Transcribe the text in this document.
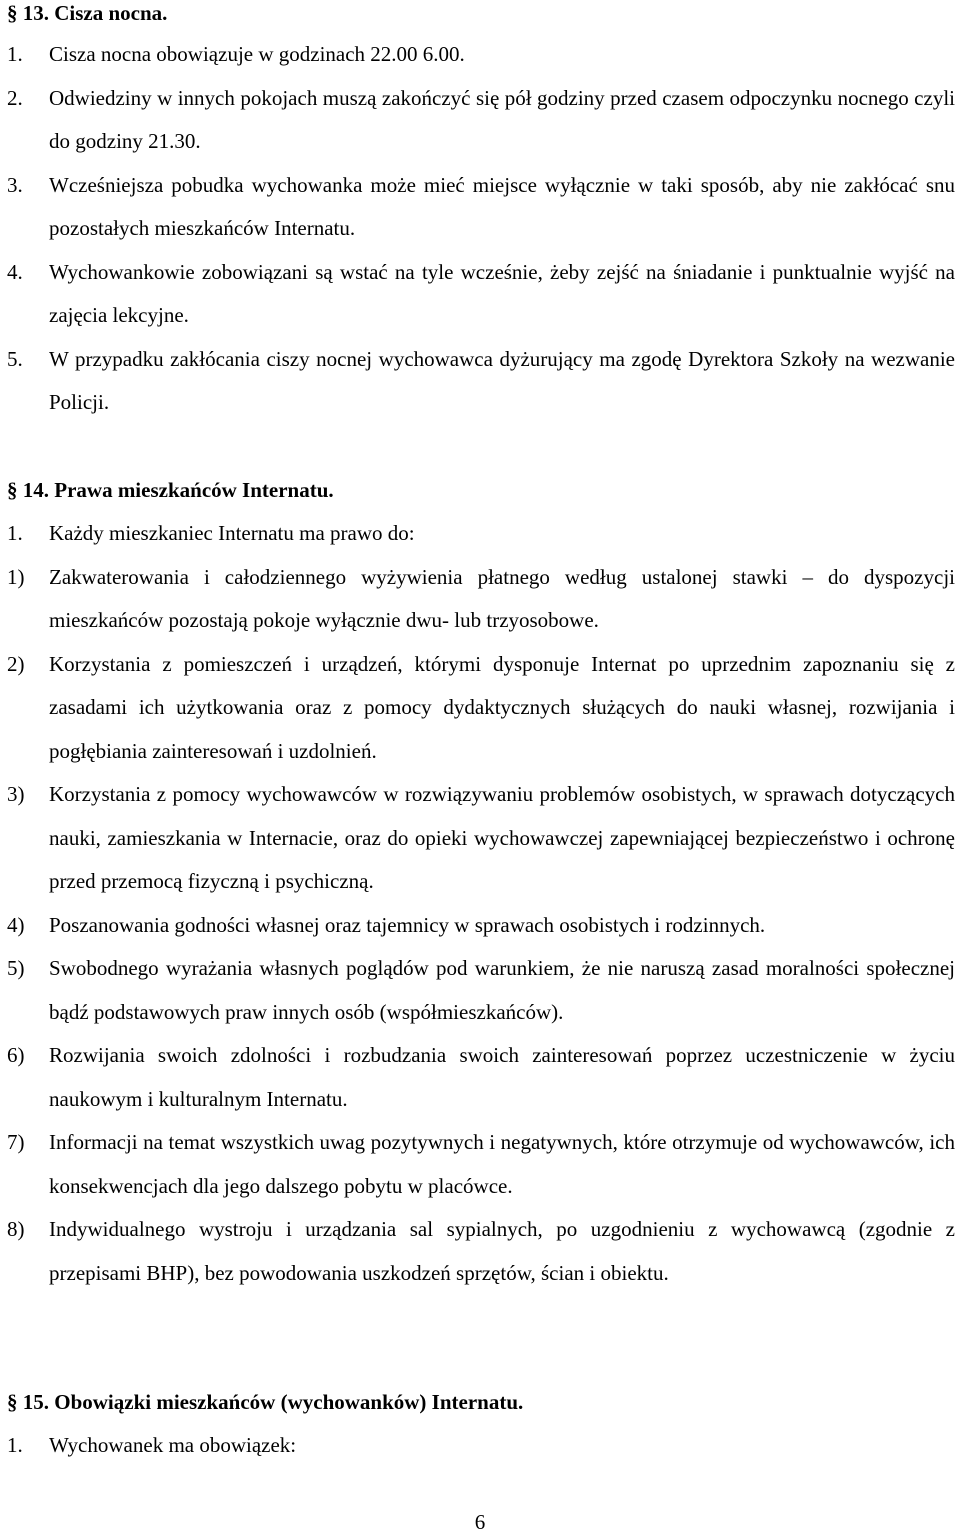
§ 13. Cisza nocna.
1.	Cisza nocna obowiązuje w godzinach 22.00 6.00.
2.	Odwiedziny w innych pokojach muszą zakończyć się pół godziny przed czasem odpoczynku nocnego czyli do godziny 21.30.
3.	Wcześniejsza pobudka wychowanka może mieć miejsce wyłącznie w taki sposób, aby nie zakłócać snu pozostałych mieszkańców Internatu.
4.	Wychowankowie zobowiązani są wstać na tyle wcześnie, żeby zejść na śniadanie i punktualnie wyjść na zajęcia lekcyjne.
5.	W przypadku zakłócania ciszy nocnej wychowawca dyżurujący ma zgodę Dyrektora Szkoły na wezwanie Policji.
§ 14. Prawa mieszkańców Internatu.
1.	Każdy mieszkaniec Internatu ma prawo do:
1)	Zakwaterowania i całodziennego wyżywienia płatnego według ustalonej stawki – do dyspozycji mieszkańców pozostają pokoje wyłącznie dwu- lub trzyosobowe.
2)	Korzystania z pomieszczeń i urządzeń, którymi dysponuje Internat po uprzednim zapoznaniu się z zasadami ich użytkowania oraz z pomocy dydaktycznych służących do nauki własnej, rozwijania i pogłębiania zainteresowań i uzdolnień.
3)	Korzystania z pomocy wychowawców w rozwiązywaniu problemów osobistych, w sprawach dotyczących nauki, zamieszkania w Internacie, oraz do opieki wychowawczej zapewniającej bezpieczeństwo i ochronę przed przemocą fizyczną i psychiczną.
4)	Poszanowania godności własnej oraz tajemnicy w sprawach osobistych i rodzinnych.
5)	Swobodnego wyrażania własnych poglądów pod warunkiem, że nie naruszą zasad moralności społecznej bądź podstawowych praw innych osób (współmieszkańców).
6)	Rozwijania swoich zdolności i rozbudzania swoich zainteresowań poprzez uczestniczenie w życiu naukowym i kulturalnym Internatu.
7)	Informacji na temat wszystkich uwag pozytywnych i negatywnych, które otrzymuje od wychowawców, ich konsekwencjach dla jego dalszego pobytu w placówce.
8)	Indywidualnego wystroju i urządzania sal sypialnych, po uzgodnieniu z wychowawcą (zgodnie z przepisami BHP), bez powodowania uszkodzeń sprzętów, ścian i obiektu.
§ 15. Obowiązki mieszkańców (wychowanków) Internatu.
1.	Wychowanek ma obowiązek:
6
